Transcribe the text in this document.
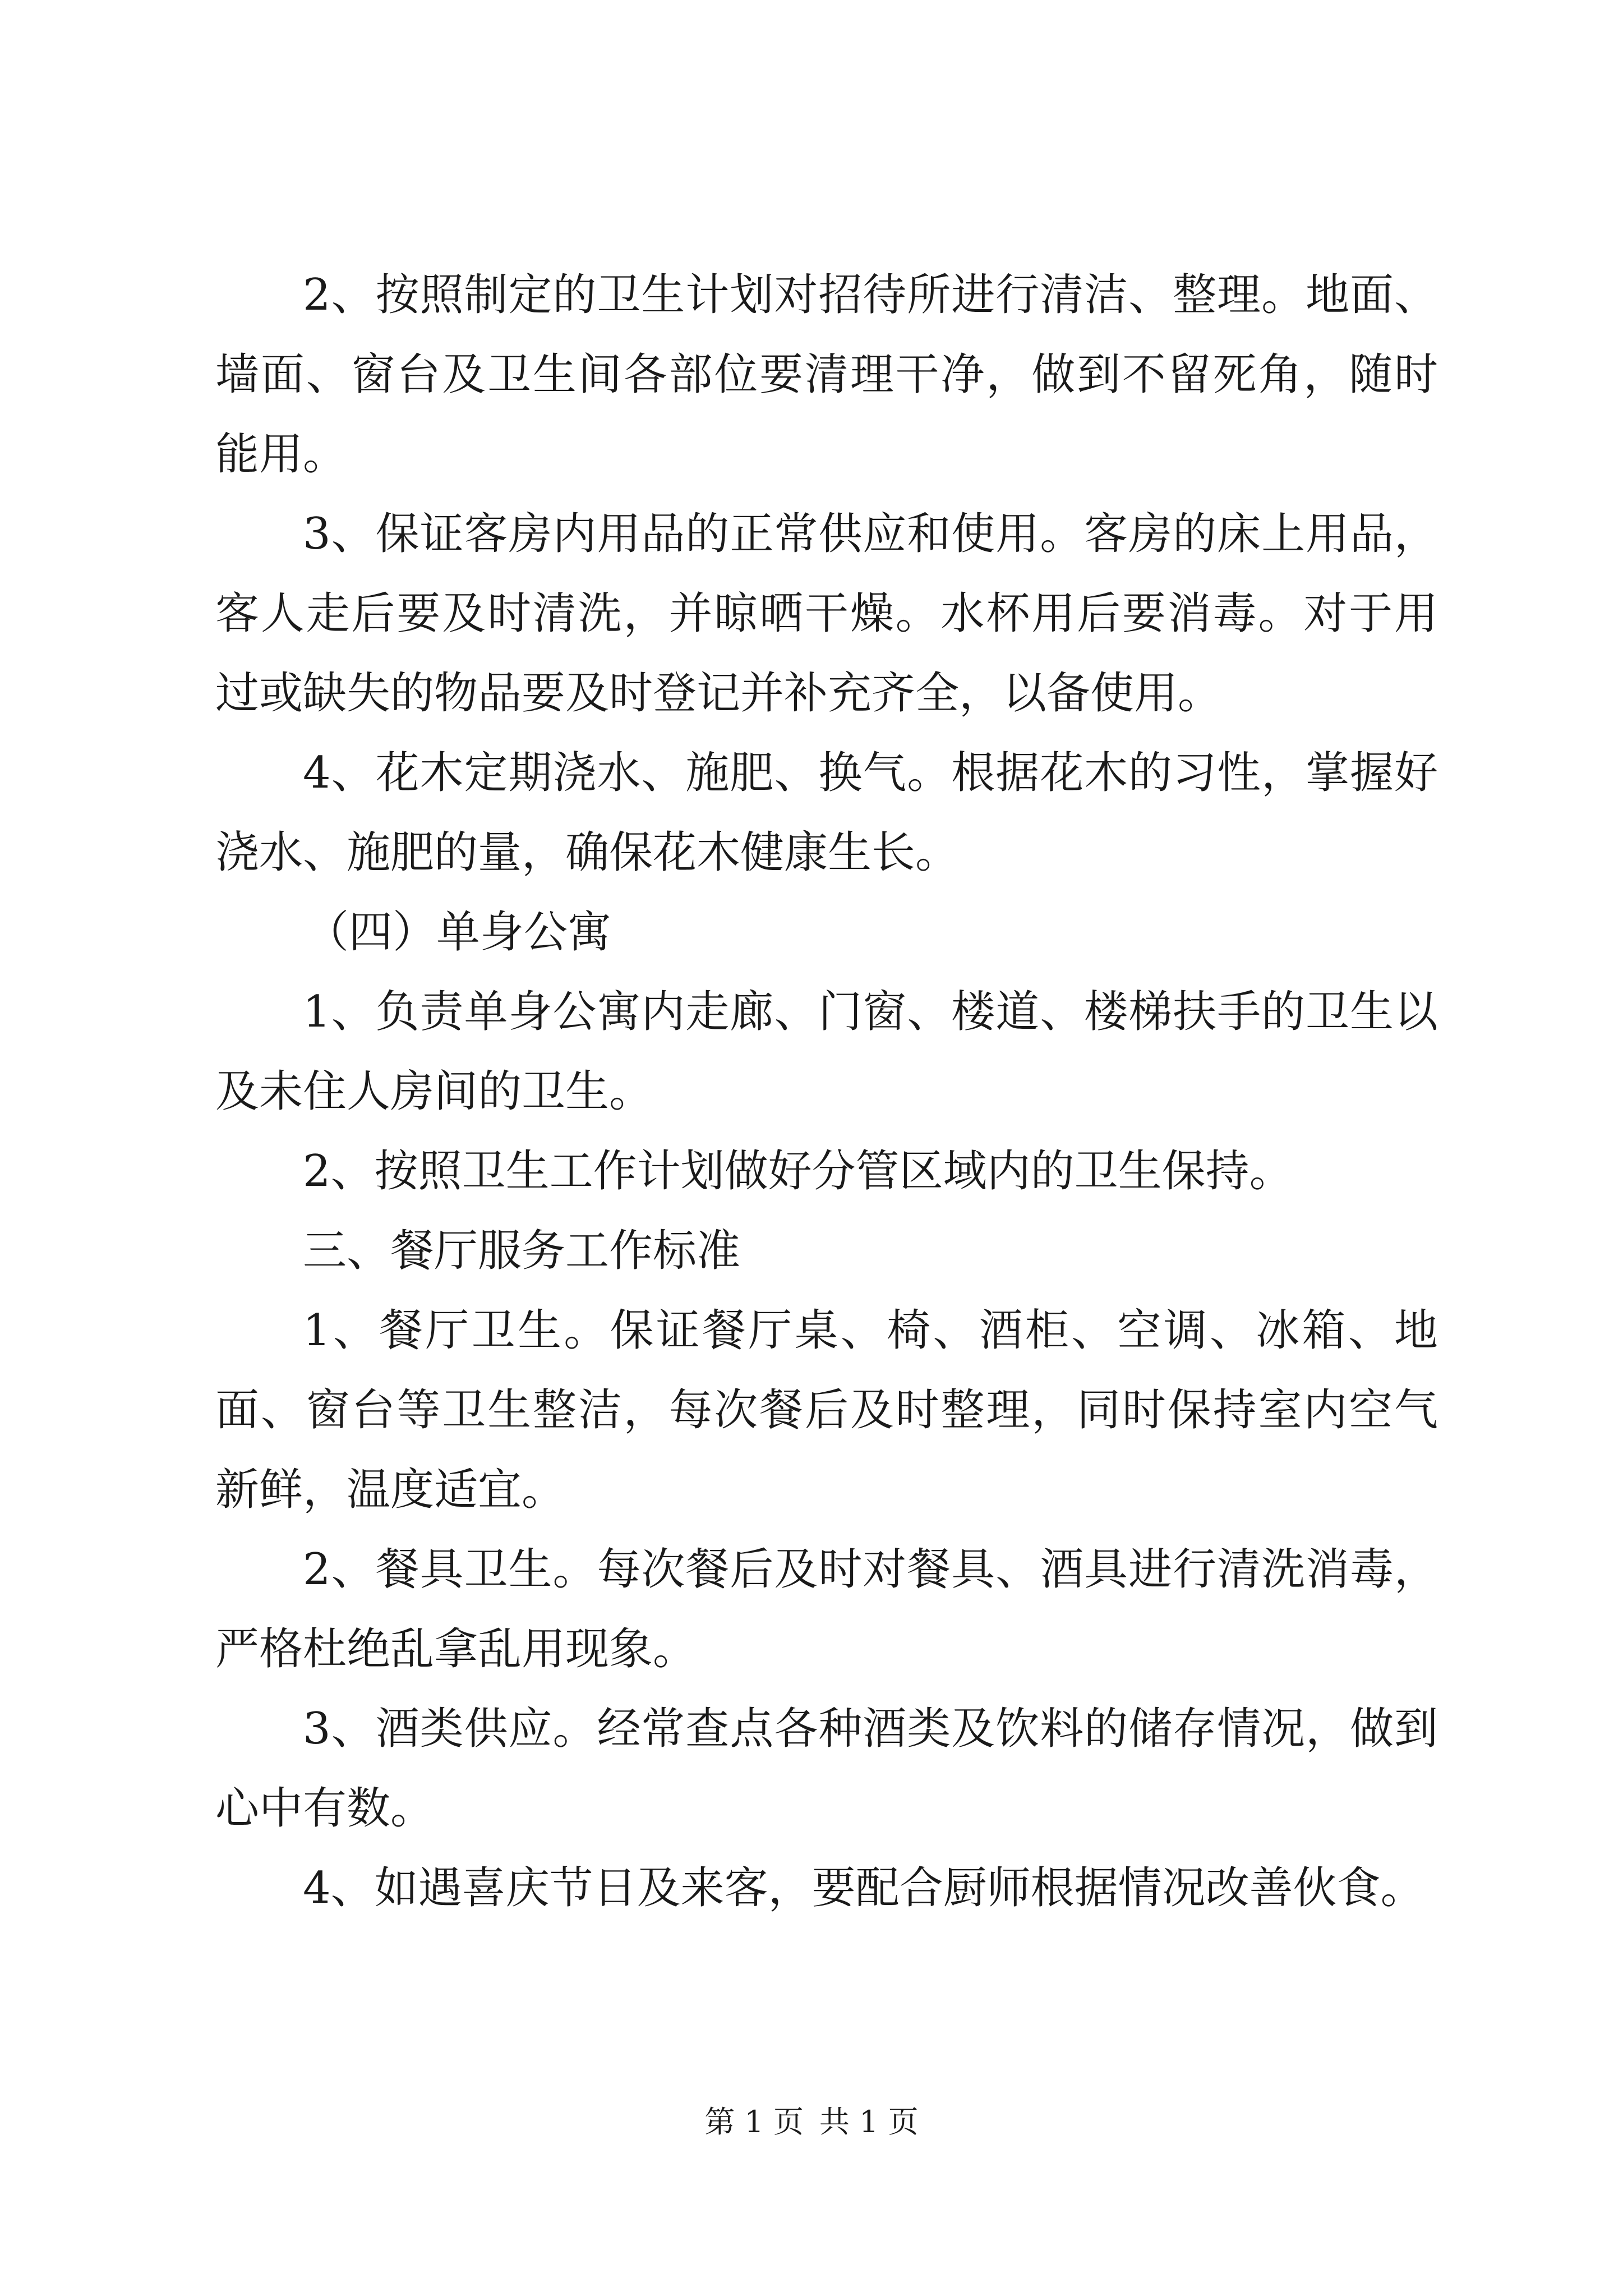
2、按照制定的卫生计划对招待所进行清洁、整理。地面、墙面、窗台及卫生间各部位要清理干净，做到不留死角，随时能用。

3、保证客房内用品的正常供应和使用。客房的床上用品，客人走后要及时清洗，并晾晒干燥。水杯用后要消毒。对于用过或缺失的物品要及时登记并补充齐全，以备使用。

4、花木定期浇水、施肥、换气。根据花木的习性，掌握好浇水、施肥的量，确保花木健康生长。

（四）单身公寓

1、负责单身公寓内走廊、门窗、楼道、楼梯扶手的卫生以及未住人房间的卫生。

2、按照卫生工作计划做好分管区域内的卫生保持。

三、餐厅服务工作标准

1、餐厅卫生。保证餐厅桌、椅、酒柜、空调、冰箱、地面、窗台等卫生整洁，每次餐后及时整理，同时保持室内空气新鲜，温度适宜。

2、餐具卫生。每次餐后及时对餐具、酒具进行清洗消毒，严格杜绝乱拿乱用现象。

3、酒类供应。经常查点各种酒类及饮料的储存情况，做到心中有数。

4、如遇喜庆节日及来客，要配合厨师根据情况改善伙食。

第 1 页 共 1 页
